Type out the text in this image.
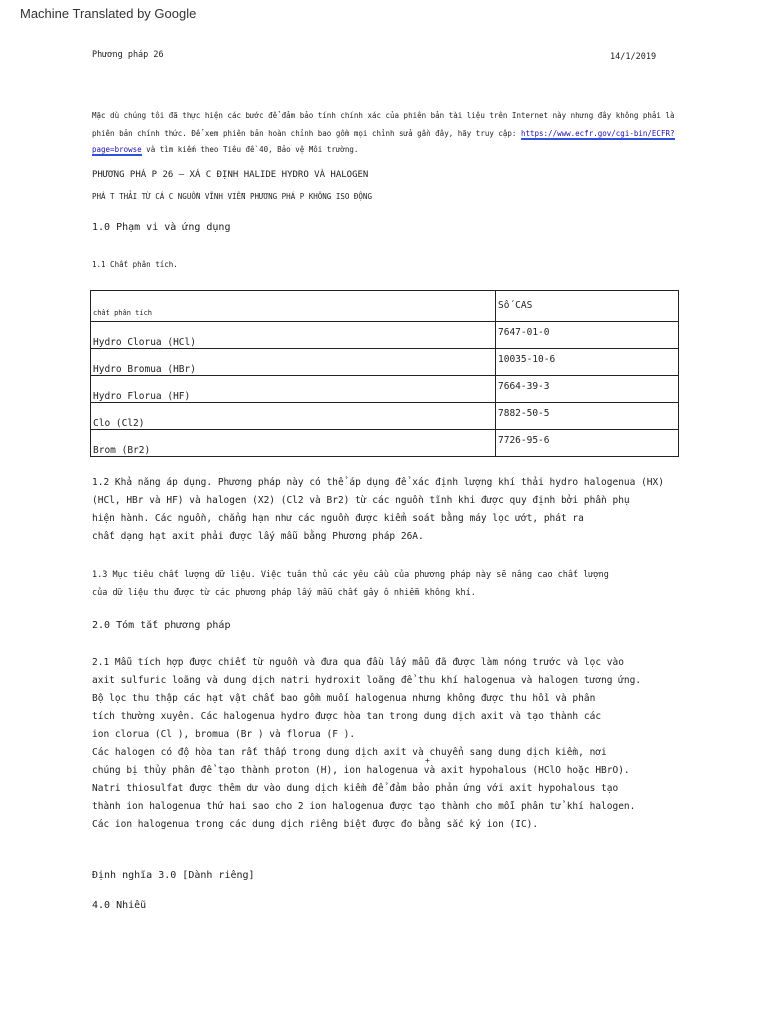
Machine Translated by Google
Phương pháp 26	14/1/2019
Mặc dù chúng tôi đã thực hiện các bước để đảm bảo tính chính xác của phiên bản tài liệu trên Internet này nhưng đây không phải là
phiên bản chính thức. Để xem phiên bản hoàn chỉnh bao gồm mọi chỉnh sửa gần đây, hãy truy cập: https://www.ecfr.gov/cgi-bin/ECFR?
page=browse và tìm kiếm theo Tiêu đề 40, Bảo vệ Môi trường.
PHƯƠNG PHÁ P 26 – XÁ C ĐỊNH HALIDE HYDRO VÀ HALOGEN
PHÁ T THẢI TỪ CÁ C NGUỒN VĨNH VIỄN PHƯƠNG PHÁ P KHÔNG ISO ĐỘNG
1.0 Phạm vi và ứng dụng
1.1 Chất phân tích.
chất phân tích	Số CAS

Hydro Clorua (HCl)	7647-01-0

Hydro Bromua (HBr)	10035-10-6

Hydro Florua (HF)	7664-39-3

Clo (Cl2)	7882-50-5

Brom (Br2)	7726-95-6
1.2 Khả năng áp dụng. Phương pháp này có thể áp dụng để xác định lượng khí thải hydro halogenua (HX)
(HCl, HBr và HF) và halogen (X2) (Cl2 và Br2) từ các nguồn tĩnh khi được quy định bởi phần phụ
hiện hành. Các nguồn, chẳng hạn như các nguồn được kiểm soát bằng máy lọc ướt, phát ra
chất dạng hạt axit phải được lấy mẫu bằng Phương pháp 26A.
1.3 Mục tiêu chất lượng dữ liệu. Việc tuân thủ các yêu cầu của phương pháp này sẽ nâng cao chất lượng
của dữ liệu thu được từ các phương pháp lấy mẫu chất gây ô nhiễm không khí.
2.0 Tóm tắt phương pháp
2.1 Mẫu tích hợp được chiết từ nguồn và đưa qua đầu lấy mẫu đã được làm nóng trước và lọc vào
axit sulfuric loãng và dung dịch natri hydroxit loãng để thu khí halogenua và halogen tương ứng.
Bộ lọc thu thập các hạt vật chất bao gồm muối halogenua nhưng không được thu hồi và phân
tích thường xuyên. Các halogenua hydro được hòa tan trong dung dịch axit và tạo thành các
ion clorua (Cl ), bromua (Br ) và florua (F ).
Các halogen có độ hòa tan rất thấp trong dung dịch axit và chuyển sang dung dịch kiềm, nơi
chúng bị thủy phân để tạo thành proton (H), ion halogenua và axit hypohalous (HClO hoặc HBrO).
Natri thiosulfat được thêm dư vào dung dịch kiềm để đảm bảo phản ứng với axit hypohalous tạo
thành ion halogenua thứ hai sao cho 2 ion halogenua được tạo thành cho mỗi phân tử khí halogen.
Các ion halogenua trong các dung dịch riêng biệt được đo bằng sắc ký ion (IC).
+
Định nghĩa 3.0 [Dành riêng]
4.0 Nhiễu
